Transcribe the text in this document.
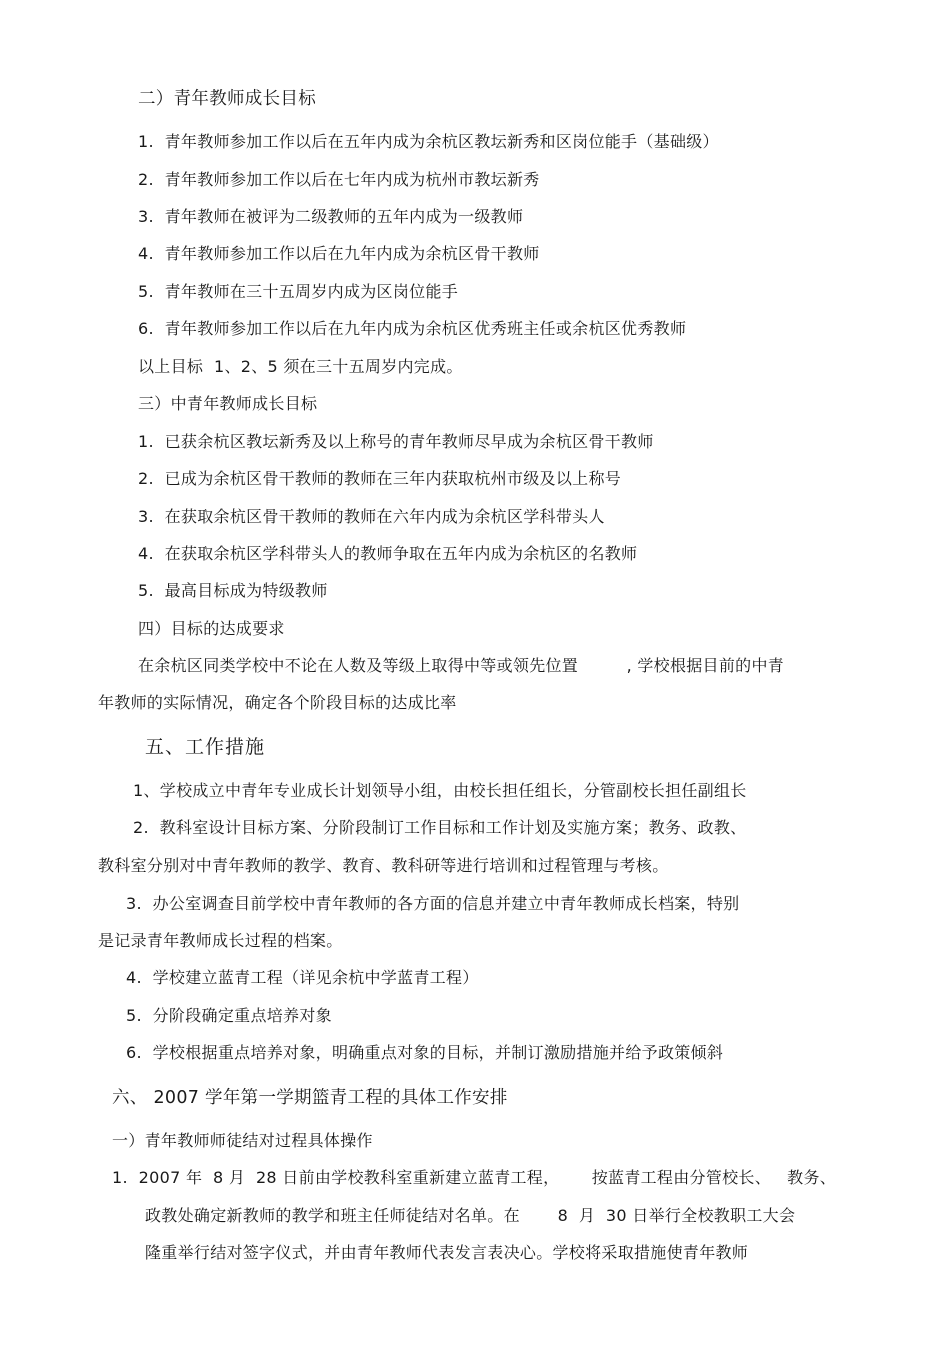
二）青年教师成长目标
1.  青年教师参加工作以后在五年内成为余杭区教坛新秀和区岗位能手（基础级）
2.  青年教师参加工作以后在七年内成为杭州市教坛新秀
3.  青年教师在被评为二级教师的五年内成为一级教师
4.  青年教师参加工作以后在九年内成为余杭区骨干教师
5.  青年教师在三十五周岁内成为区岗位能手
6.  青年教师参加工作以后在九年内成为余杭区优秀班主任或余杭区优秀教师
以上目标  1、2、5 须在三十五周岁内完成。
三）中青年教师成长目标
1.  已获余杭区教坛新秀及以上称号的青年教师尽早成为余杭区骨干教师
2.  已成为余杭区骨干教师的教师在三年内获取杭州市级及以上称号
3.  在获取余杭区骨干教师的教师在六年内成为余杭区学科带头人
4.  在获取余杭区学科带头人的教师争取在五年内成为余杭区的名教师
5.  最高目标成为特级教师
四）目标的达成要求
在余杭区同类学校中不论在人数及等级上取得中等或领先位置         , 学校根据目前的中青
年教师的实际情况，确定各个阶段目标的达成比率
五、工作措施
1、学校成立中青年专业成长计划领导小组，由校长担任组长，分管副校长担任副组长
2.  教科室设计目标方案、分阶段制订工作目标和工作计划及实施方案；教务、政教、
教科室分别对中青年教师的教学、教育、教科研等进行培训和过程管理与考核。
3.  办公室调查目前学校中青年教师的各方面的信息并建立中青年教师成长档案，特别
是记录青年教师成长过程的档案。
4.  学校建立蓝青工程（详见余杭中学蓝青工程）
5.  分阶段确定重点培养对象
6.  学校根据重点培养对象，明确重点对象的目标，并制订激励措施并给予政策倾斜
六、 2007 学年第一学期篮青工程的具体工作安排
一）青年教师师徒结对过程具体操作
1.  2007 年  8 月  28 日前由学校教科室重新建立蓝青工程，      按蓝青工程由分管校长、   教务、
政教处确定新教师的教学和班主任师徒结对名单。在       8  月  30 日举行全校教职工大会
隆重举行结对签字仪式，并由青年教师代表发言表决心。学校将采取措施使青年教师
